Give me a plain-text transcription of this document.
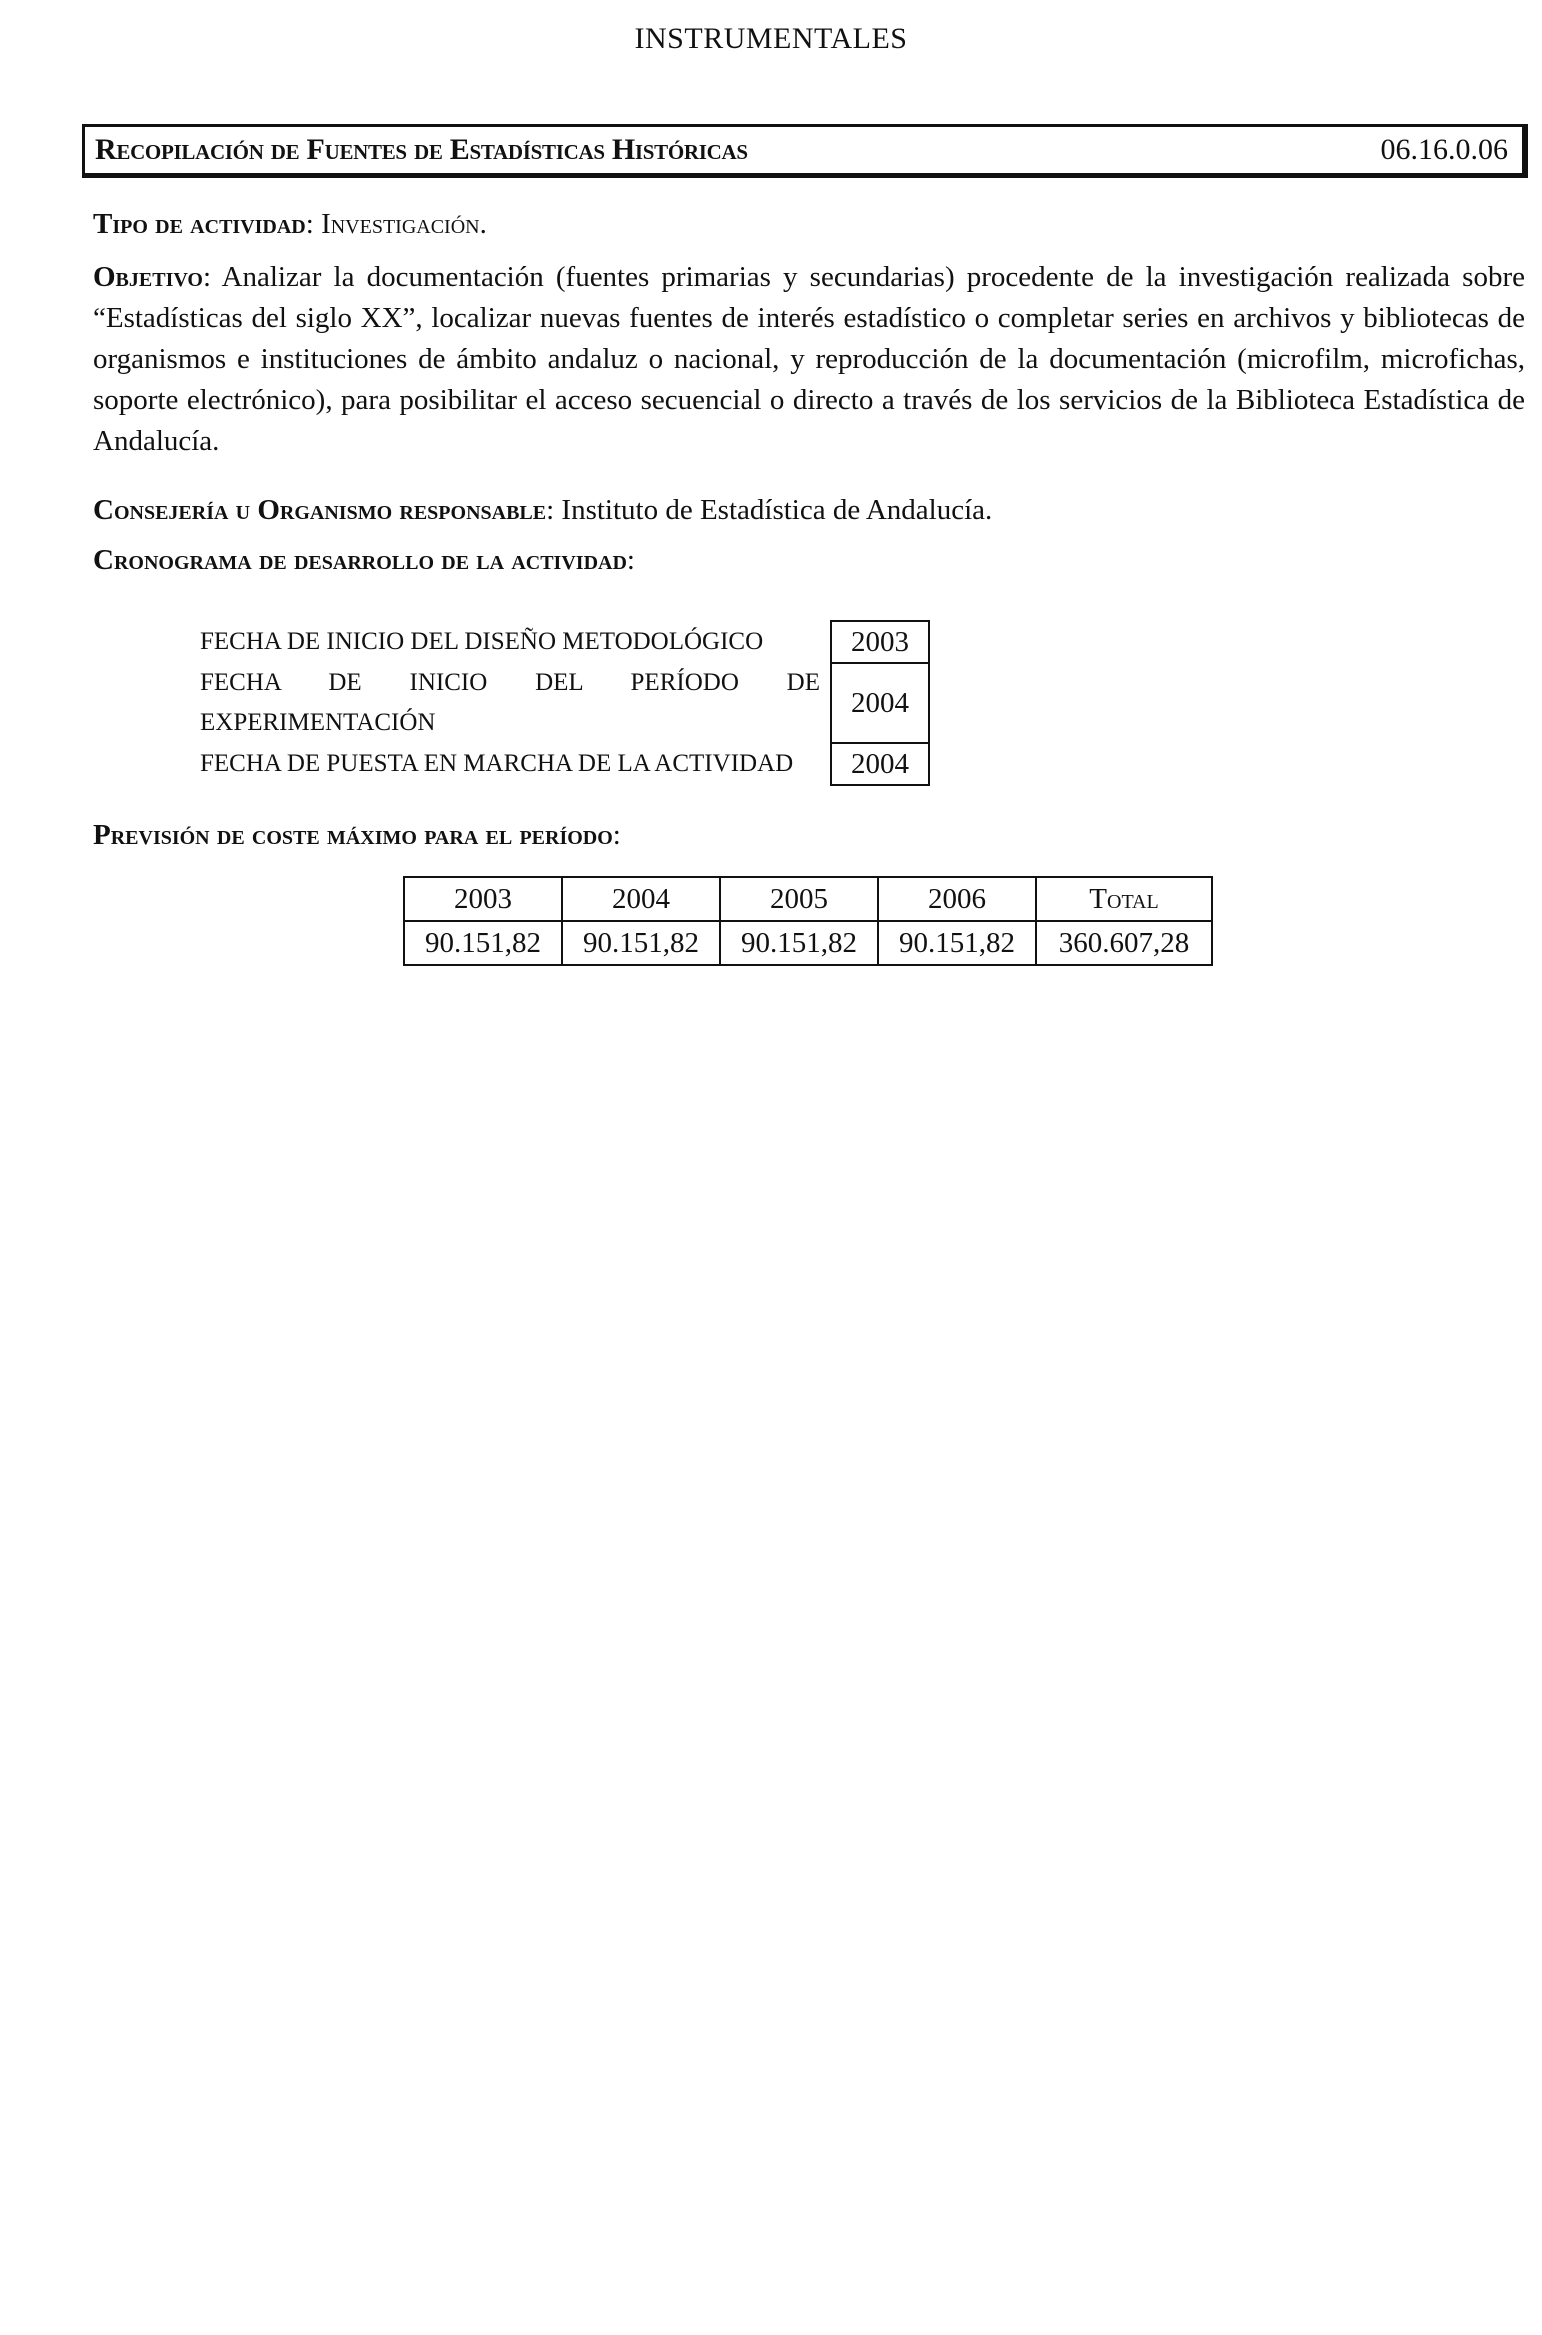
INSTRUMENTALES
Recopilación de Fuentes de Estadísticas Históricas	06.16.0.06

Tipo de actividad: Investigación.

Objetivo: Analizar la documentación (fuentes primarias y secundarias) procedente de la investigación realizada sobre “Estadísticas del siglo XX”, localizar nuevas fuentes de interés estadístico o completar series en archivos y bibliotecas de organismos e instituciones de ámbito andaluz o nacional, y reproducción de la documentación (microfilm, microfichas, soporte electrónico), para posibilitar el acceso secuencial o directo a través de los servicios de la Biblioteca Estadística de Andalucía.

Consejería u Organismo responsable: Instituto de Estadística de Andalucía.

Cronograma de desarrollo de la actividad:

FECHA DE INICIO DEL DISEÑO METODOLÓGICO	2003
FECHA DE INICIO DEL PERÍODO DE EXPERIMENTACIÓN	2004
FECHA DE PUESTA EN MARCHA DE LA ACTIVIDAD	2004

Previsión de coste máximo para el período:

2003	2004	2005	2006	Total
90.151,82	90.151,82	90.151,82	90.151,82	360.607,28
